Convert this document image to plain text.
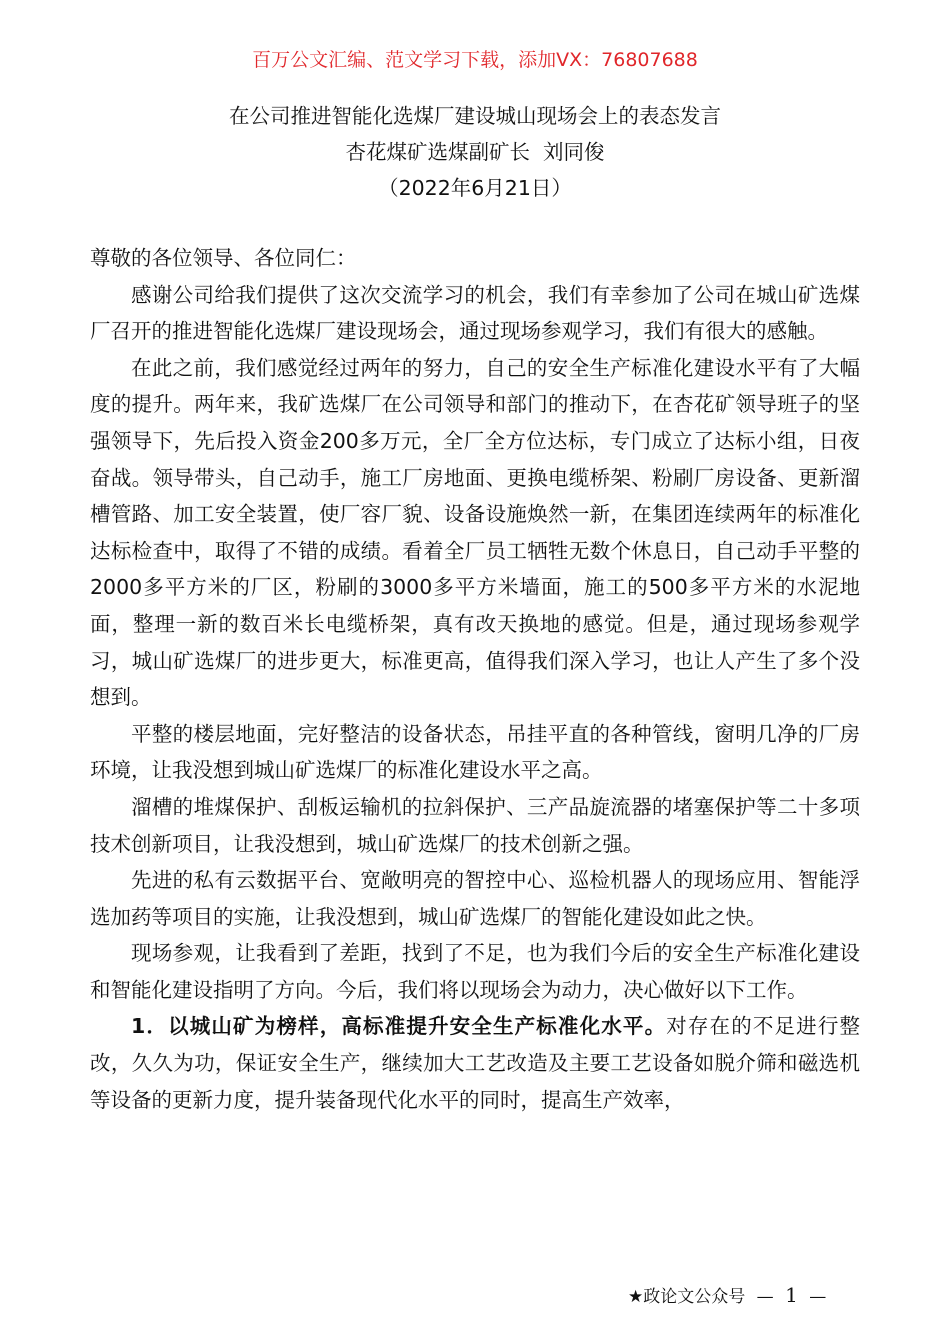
百万公文汇编、范文学习下载，添加VX：76807688
在公司推进智能化选煤厂建设城山现场会上的表态发言
杏花煤矿选煤副矿长  刘同俊
（2022年6月21日）

尊敬的各位领导、各位同仁：

感谢公司给我们提供了这次交流学习的机会，我们有幸参加了公司在城山矿选煤厂召开的推进智能化选煤厂建设现场会，通过现场参观学习，我们有很大的感触。

在此之前，我们感觉经过两年的努力，自己的安全生产标准化建设水平有了大幅度的提升。两年来，我矿选煤厂在公司领导和部门的推动下，在杏花矿领导班子的坚强领导下，先后投入资金200多万元，全厂全方位达标，专门成立了达标小组，日夜奋战。领导带头，自己动手，施工厂房地面、更换电缆桥架、粉刷厂房设备、更新溜槽管路、加工安全装置，使厂容厂貌、设备设施焕然一新，在集团连续两年的标准化达标检查中，取得了不错的成绩。看着全厂员工牺牲无数个休息日，自己动手平整的2000多平方米的厂区，粉刷的3000多平方米墙面，施工的500多平方米的水泥地面，整理一新的数百米长电缆桥架，真有改天换地的感觉。但是，通过现场参观学习，城山矿选煤厂的进步更大，标准更高，值得我们深入学习，也让人产生了多个没想到。

平整的楼层地面，完好整洁的设备状态，吊挂平直的各种管线，窗明几净的厂房环境，让我没想到城山矿选煤厂的标准化建设水平之高。

溜槽的堆煤保护、刮板运输机的拉斜保护、三产品旋流器的堵塞保护等二十多项技术创新项目，让我没想到，城山矿选煤厂的技术创新之强。

先进的私有云数据平台、宽敞明亮的智控中心、巡检机器人的现场应用、智能浮选加药等项目的实施，让我没想到，城山矿选煤厂的智能化建设如此之快。

现场参观，让我看到了差距，找到了不足，也为我们今后的安全生产标准化建设和智能化建设指明了方向。今后，我们将以现场会为动力，决心做好以下工作。

1．以城山矿为榜样，高标准提升安全生产标准化水平。对存在的不足进行整改，久久为功，保证安全生产，继续加大工艺改造及主要工艺设备如脱介筛和磁选机等设备的更新力度，提升装备现代化水平的同时，提高生产效率，

★政论文公众号 — 1 —
